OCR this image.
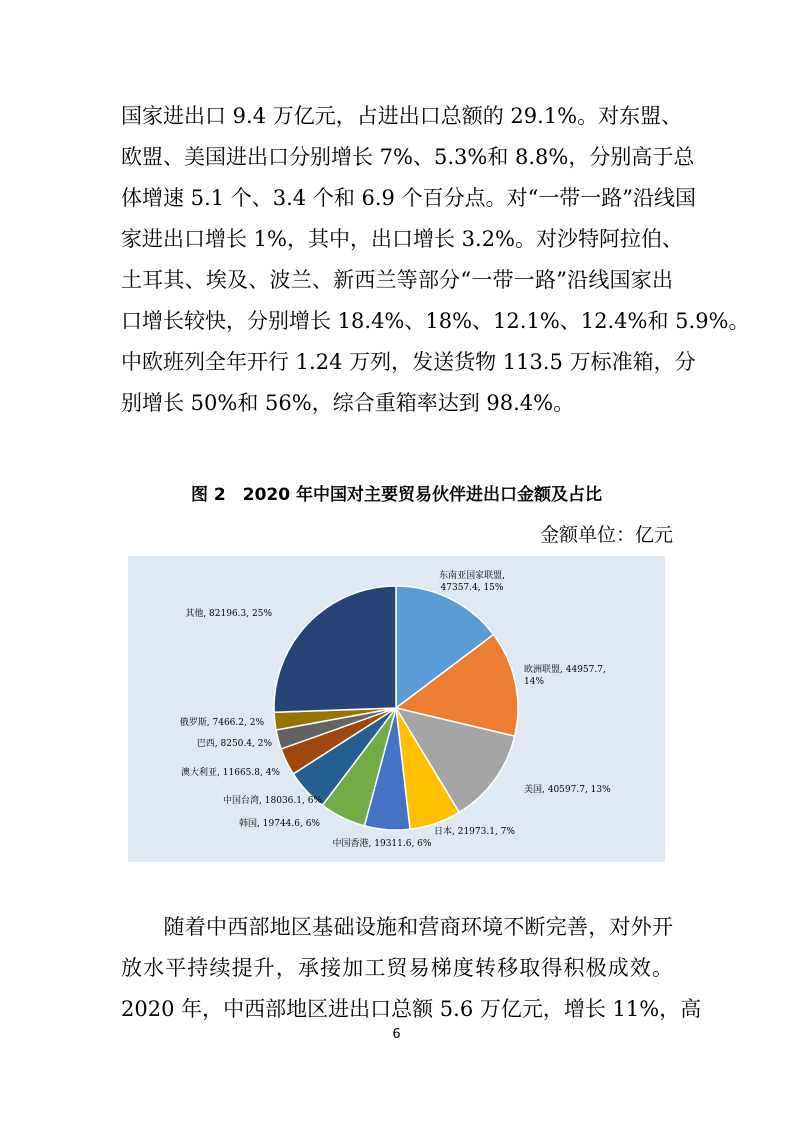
国家进出口 9.4 万亿元，占进出口总额的 29.1%。对东盟、
欧盟、美国进出口分别增长 7%、5.3%和 8.8%，分别高于总
体增速 5.1 个、3.4 个和 6.9 个百分点。对“一带一路”沿线国
家进出口增长 1%，其中，出口增长 3.2%。对沙特阿拉伯、
土耳其、埃及、波兰、新西兰等部分“一带一路”沿线国家出
口增长较快，分别增长 18.4%、18%、12.1%、12.4%和 5.9%。
中欧班列全年开行 1.24 万列，发送货物 113.5 万标准箱，分
别增长 50%和 56%，综合重箱率达到 98.4%。
图 2　2020 年中国对主要贸易伙伴进出口金额及占比
金额单位：亿元
东南亚国家联盟, 47357.4, 15%
欧洲联盟, 44957.7, 14%
美国, 40597.7, 13%
日本, 21973.1, 7%
中国香港, 19311.6, 6%
韩国, 19744.6, 6%
中国台湾, 18036.1, 6%
澳大利亚, 11665.8, 4%
巴西, 8250.4, 2%
俄罗斯, 7466.2, 2%
其他, 82196.3, 25%
　　随着中西部地区基础设施和营商环境不断完善，对外开
放水平持续提升，承接加工贸易梯度转移取得积极成效。
2020 年，中西部地区进出口总额 5.6 万亿元，增长 11%，高
6
